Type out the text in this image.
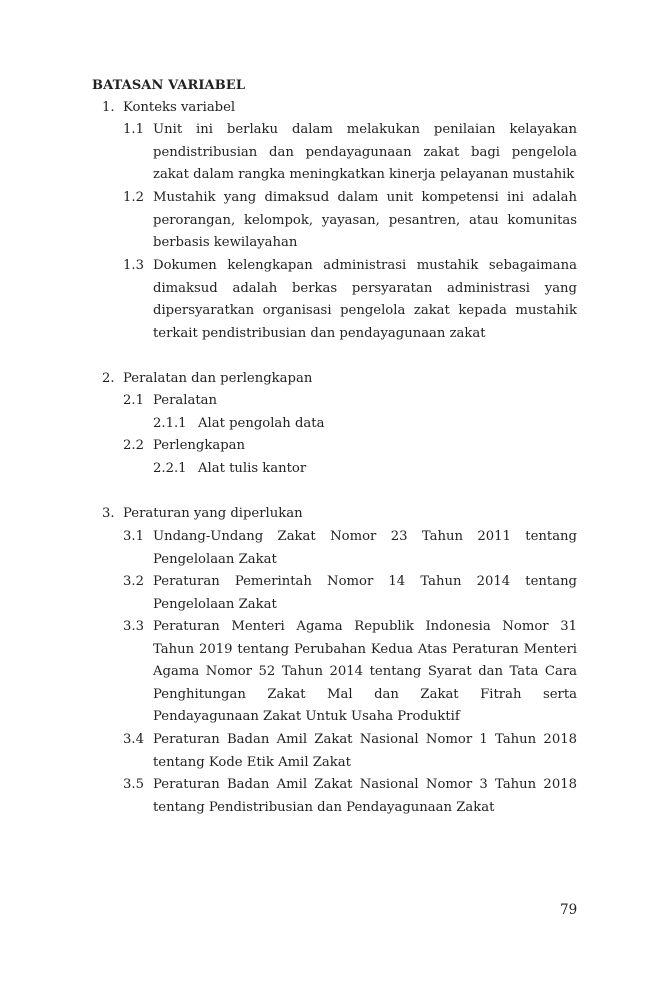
BATASAN VARIABEL
1. Konteks variabel
1.1 Unit ini berlaku dalam melakukan penilaian kelayakan pendistribusian dan pendayagunaan zakat bagi pengelola zakat dalam rangka meningkatkan kinerja pelayanan mustahik
1.2 Mustahik yang dimaksud dalam unit kompetensi ini adalah perorangan, kelompok, yayasan, pesantren, atau komunitas berbasis kewilayahan
1.3 Dokumen kelengkapan administrasi mustahik sebagaimana dimaksud adalah berkas persyaratan administrasi yang dipersyaratkan organisasi pengelola zakat kepada mustahik terkait pendistribusian dan pendayagunaan zakat
2. Peralatan dan perlengkapan
2.1 Peralatan
2.1.1 Alat pengolah data
2.2 Perlengkapan
2.2.1 Alat tulis kantor
3. Peraturan yang diperlukan
3.1 Undang-Undang Zakat Nomor 23 Tahun 2011 tentang Pengelolaan Zakat
3.2 Peraturan Pemerintah Nomor 14 Tahun 2014 tentang Pengelolaan Zakat
3.3 Peraturan Menteri Agama Republik Indonesia Nomor 31 Tahun 2019 tentang Perubahan Kedua Atas Peraturan Menteri Agama Nomor 52 Tahun 2014 tentang Syarat dan Tata Cara Penghitungan Zakat Mal dan Zakat Fitrah serta Pendayagunaan Zakat Untuk Usaha Produktif
3.4 Peraturan Badan Amil Zakat Nasional Nomor 1 Tahun 2018 tentang Kode Etik Amil Zakat
3.5 Peraturan Badan Amil Zakat Nasional Nomor 3 Tahun 2018 tentang Pendistribusian dan Pendayagunaan Zakat
79
